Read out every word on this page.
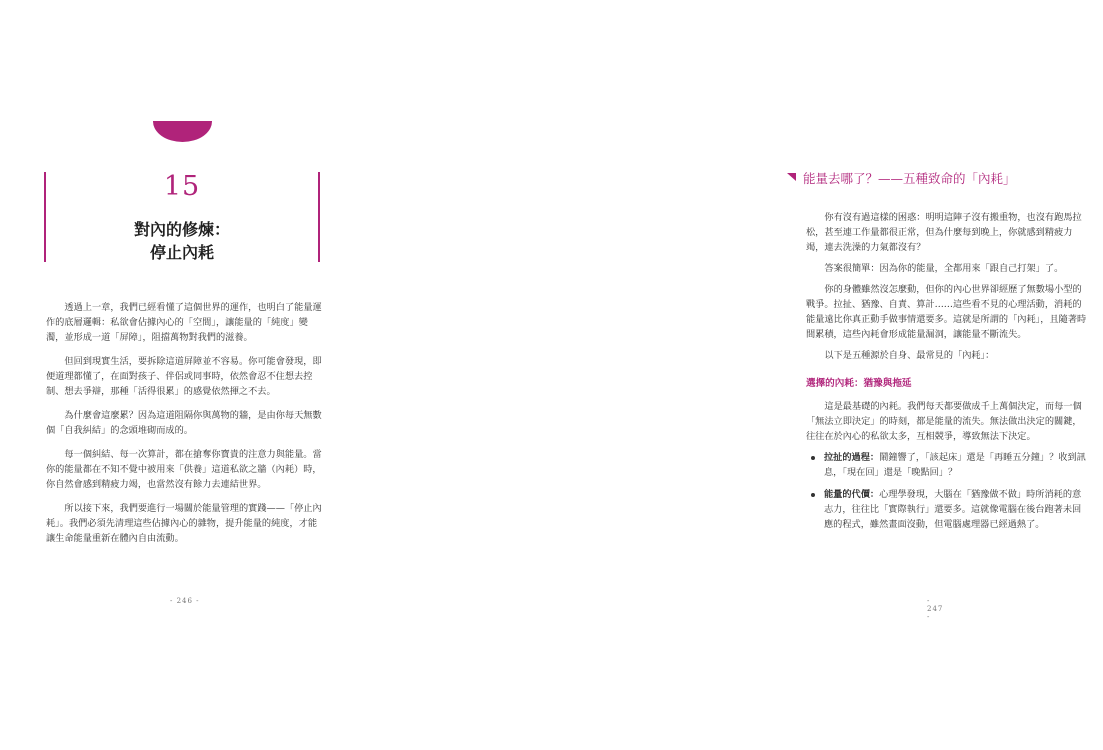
15
對內的修煉：
停止內耗

透過上一章，我們已經看懂了這個世界的運作，也明白了能量運作的底層邏輯：私欲會佔據內心的「空間」，讓能量的「純度」變濁，並形成一道「屏障」，阻擋萬物對我們的滋養。

但回到現實生活，要拆除這道屏障並不容易。你可能會發現，即便道理都懂了，在面對孩子、伴侶或同事時，依然會忍不住想去控制、想去爭辯，那種「活得很累」的感覺依然揮之不去。

為什麼會這麼累？因為這道阻隔你與萬物的牆，是由你每天無數個「自我糾結」的念頭堆砌而成的。

每一個糾結、每一次算計，都在搶奪你寶貴的注意力與能量。當你的能量都在不知不覺中被用來「供養」這道私欲之牆（內耗）時，你自然會感到精疲力竭，也當然沒有餘力去連結世界。

所以接下來，我們要進行一場關於能量管理的實踐——「停止內耗」。我們必須先清理這些佔據內心的雜物，提升能量的純度，才能讓生命能量重新在體內自由流動。

- 246 -
能量去哪了？——五種致命的「內耗」

你有沒有過這樣的困惑：明明這陣子沒有搬重物，也沒有跑馬拉松，甚至連工作量都很正常，但為什麼每到晚上，你就感到精疲力竭，連去洗澡的力氣都沒有？

答案很簡單：因為你的能量，全都用來「跟自己打架」了。

你的身體雖然沒怎麼動，但你的內心世界卻經歷了無數場小型的戰爭。拉扯、猶豫、自責、算計……這些看不見的心理活動，消耗的能量遠比你真正動手做事情還要多。這就是所謂的「內耗」，且隨著時間累積，這些內耗會形成能量漏洞，讓能量不斷流失。

以下是五種源於自身、最常見的「內耗」：

選擇的內耗：猶豫與拖延

這是最基礎的內耗。我們每天都要做成千上萬個決定，而每一個「無法立即決定」的時刻，都是能量的流失。無法做出決定的關鍵，往往在於內心的私欲太多，互相競爭，導致無法下決定。

拉扯的過程：鬧鐘響了，「該起床」還是「再睡五分鐘」？收到訊息，「現在回」還是「晚點回」？
能量的代價：心理學發現，大腦在「猶豫做不做」時所消耗的意志力，往往比「實際執行」還要多。這就像電腦在後台跑著未回應的程式，雖然畫面沒動，但電腦處理器已經過熱了。
- 247 -
